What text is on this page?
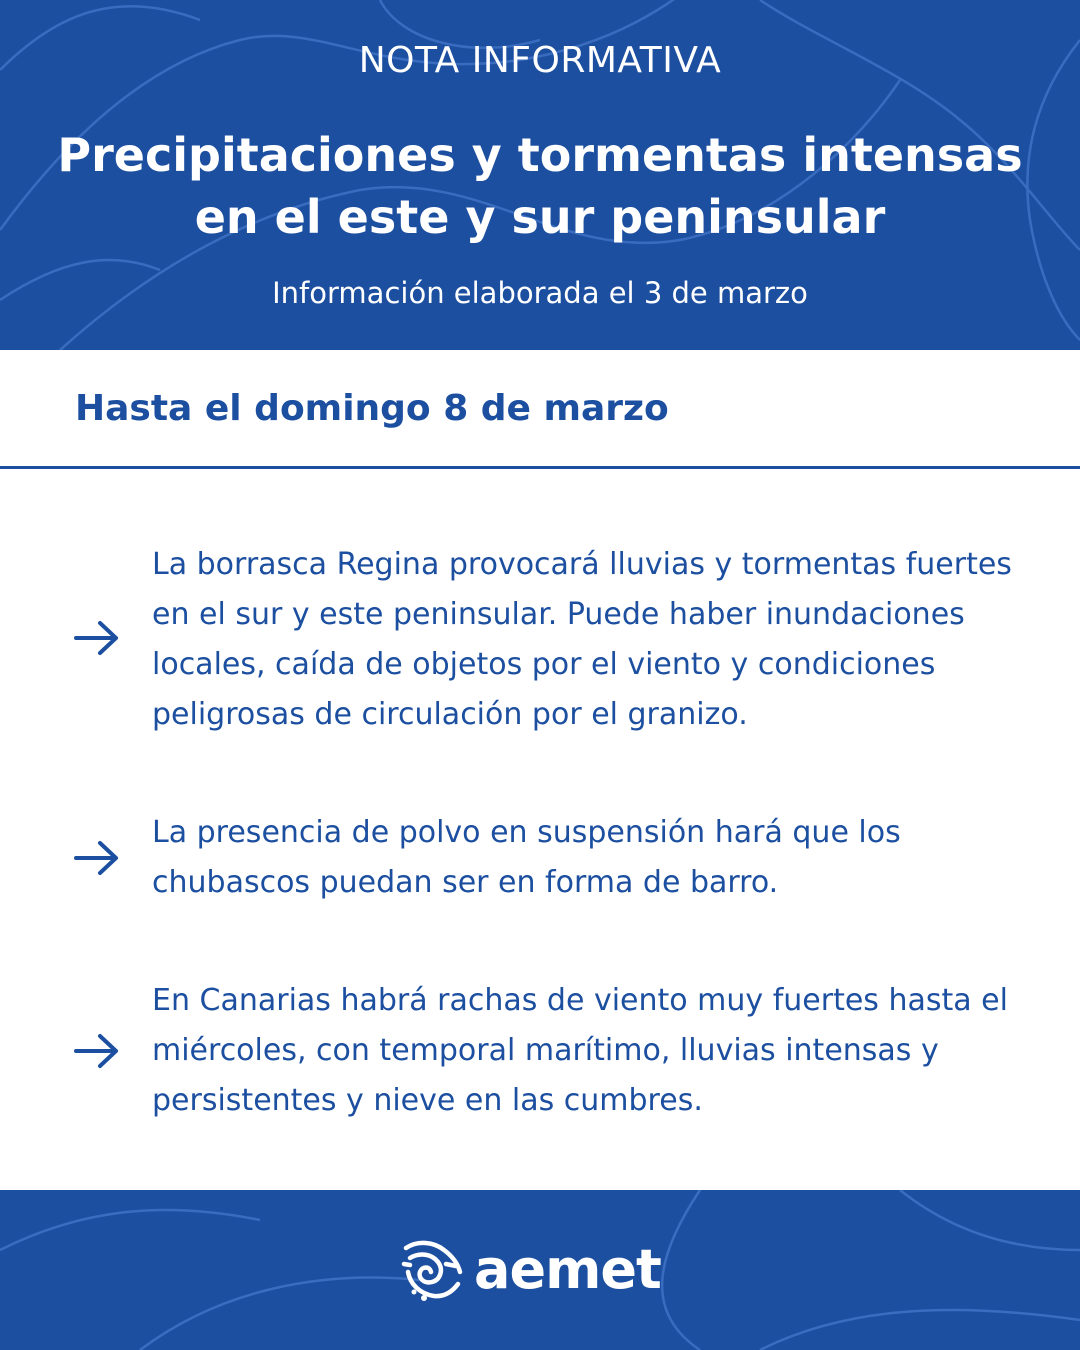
NOTA INFORMATIVA
Precipitaciones y tormentas intensas en el este y sur peninsular
Información elaborada el 3 de marzo
Hasta el domingo 8 de marzo

La borrasca Regina provocará lluvias y tormentas fuertes en el sur y este peninsular. Puede haber inundaciones locales, caída de objetos por el viento y condiciones peligrosas de circulación por el granizo.

La presencia de polvo en suspensión hará que los chubascos puedan ser en forma de barro.

En Canarias habrá rachas de viento muy fuertes hasta el miércoles, con temporal marítimo, lluvias intensas y persistentes y nieve en las cumbres.

aemet
